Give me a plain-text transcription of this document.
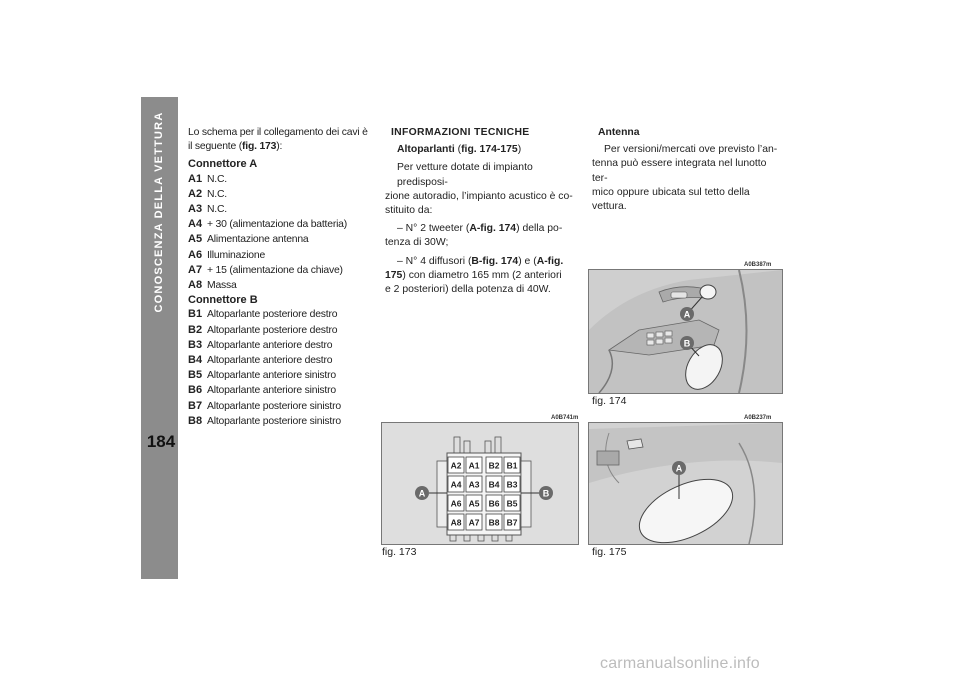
CONOSCENZA DELLA VETTURA
184

Lo schema per il collegamento dei cavi è

il seguente (fig. 173):

Connettore A

A1 N.C.

A2 N.C.

A3 N.C.

A4 + 30 (alimentazione da batteria)

A5 Alimentazione antenna

A6 Illuminazione

A7 + 15 (alimentazione da chiave)

A8 Massa

Connettore B

B1 Altoparlante posteriore destro

B2 Altoparlante posteriore destro

B3 Altoparlante anteriore destro

B4 Altoparlante anteriore destro

B5 Altoparlante anteriore sinistro

B6 Altoparlante anteriore sinistro

B7 Altoparlante posteriore sinistro

B8 Altoparlante posteriore sinistro

INFORMAZIONI TECNICHE

Altoparlanti (fig. 174-175)

Per vetture dotate di impianto predisposi-

zione autoradio, l’impianto acustico è co-

stituito da:

– N° 2 tweeter (A-fig. 174) della po-

tenza di 30W;

– N° 4 diffusori (B-fig. 174) e (A-fig.

175) con diametro 165 mm (2 anteriori

e 2 posteriori) della potenza di 40W.

Antenna

Per versioni/mercati ove previsto l’an-

tenna può essere integrata nel lunotto ter-

mico oppure ubicata sul tetto della vettura.

A0B741m
A2 A1
A4 A3
A6 A5
A8 A7
B2 B1
B4 B3
B6 B5
B8 B7
A	B
fig. 173
A0B387m
A
B
fig. 174
A0B237m
A
fig. 175
carmanualsonline.info
